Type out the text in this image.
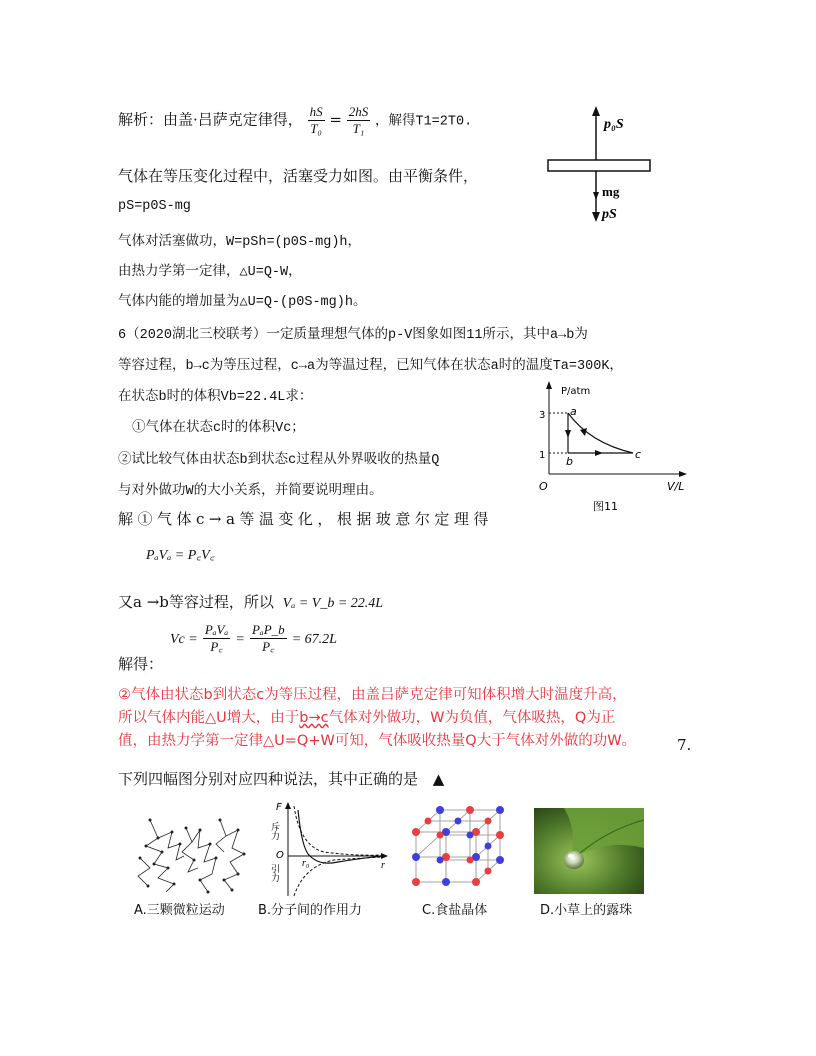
解析：由盖·吕萨克定律得， $\frac{hS}{\text{T₀}} = \frac{2hS}{\text{T₁}}$ ，解得T1=2T0.
气体在等压变化过程中，活塞受力如图。由平衡条件，
pS=p0S-mg
气体对活塞做功，W=pSh=(p0S-mg)h，
由热力学第一定律，△U=Q-W，
气体内能的增加量为△U=Q-(p0S-mg)h。
p₀S
mg
pS
6（2020湖北三校联考）一定质量理想气体的p-V图象如图11所示，其中a→b为
等容过程，b→c为等压过程，c→a为等温过程，已知气体在状态a时的温度Ta=300K，
在状态b时的体积Vb=22.4L求：
①气体在状态c时的体积Vc；
②试比较气体由状态b到状态c过程从外界吸收的热量Q
与对外做功W的大小关系，并简要说明理由。
P/atm
V/L
O
3
1
a
b
c
图11
解①气体c→a等温变化，根据玻意尔定理得
PₐVₐ = P꜀V꜀
又a →b等容过程，所以 Vₐ = V_b = 22.4L
解得：
$Vc = \frac{\text{PₐVₐ}}{P꜀} = \frac{\text{PₐP\_b}}{P꜀} = 67.2L$
②气体由状态b到状态c为等压过程，由盖吕萨克定律可知体积增大时温度升高，
所以气体内能△U增大，由于b→c气体对外做功，W为负值，气体吸热，Q为正
值，由热力学第一定律△U=Q+W可知，气体吸收热量Q大于气体对外做的功W。	7.
下列四幅图分别对应四种说法，其中正确的是 ▲
F
斥力
O
引力
r₀	r
A.三颗微粒运动	B.分子间的作用力	C.食盐晶体	D.小草上的露珠
